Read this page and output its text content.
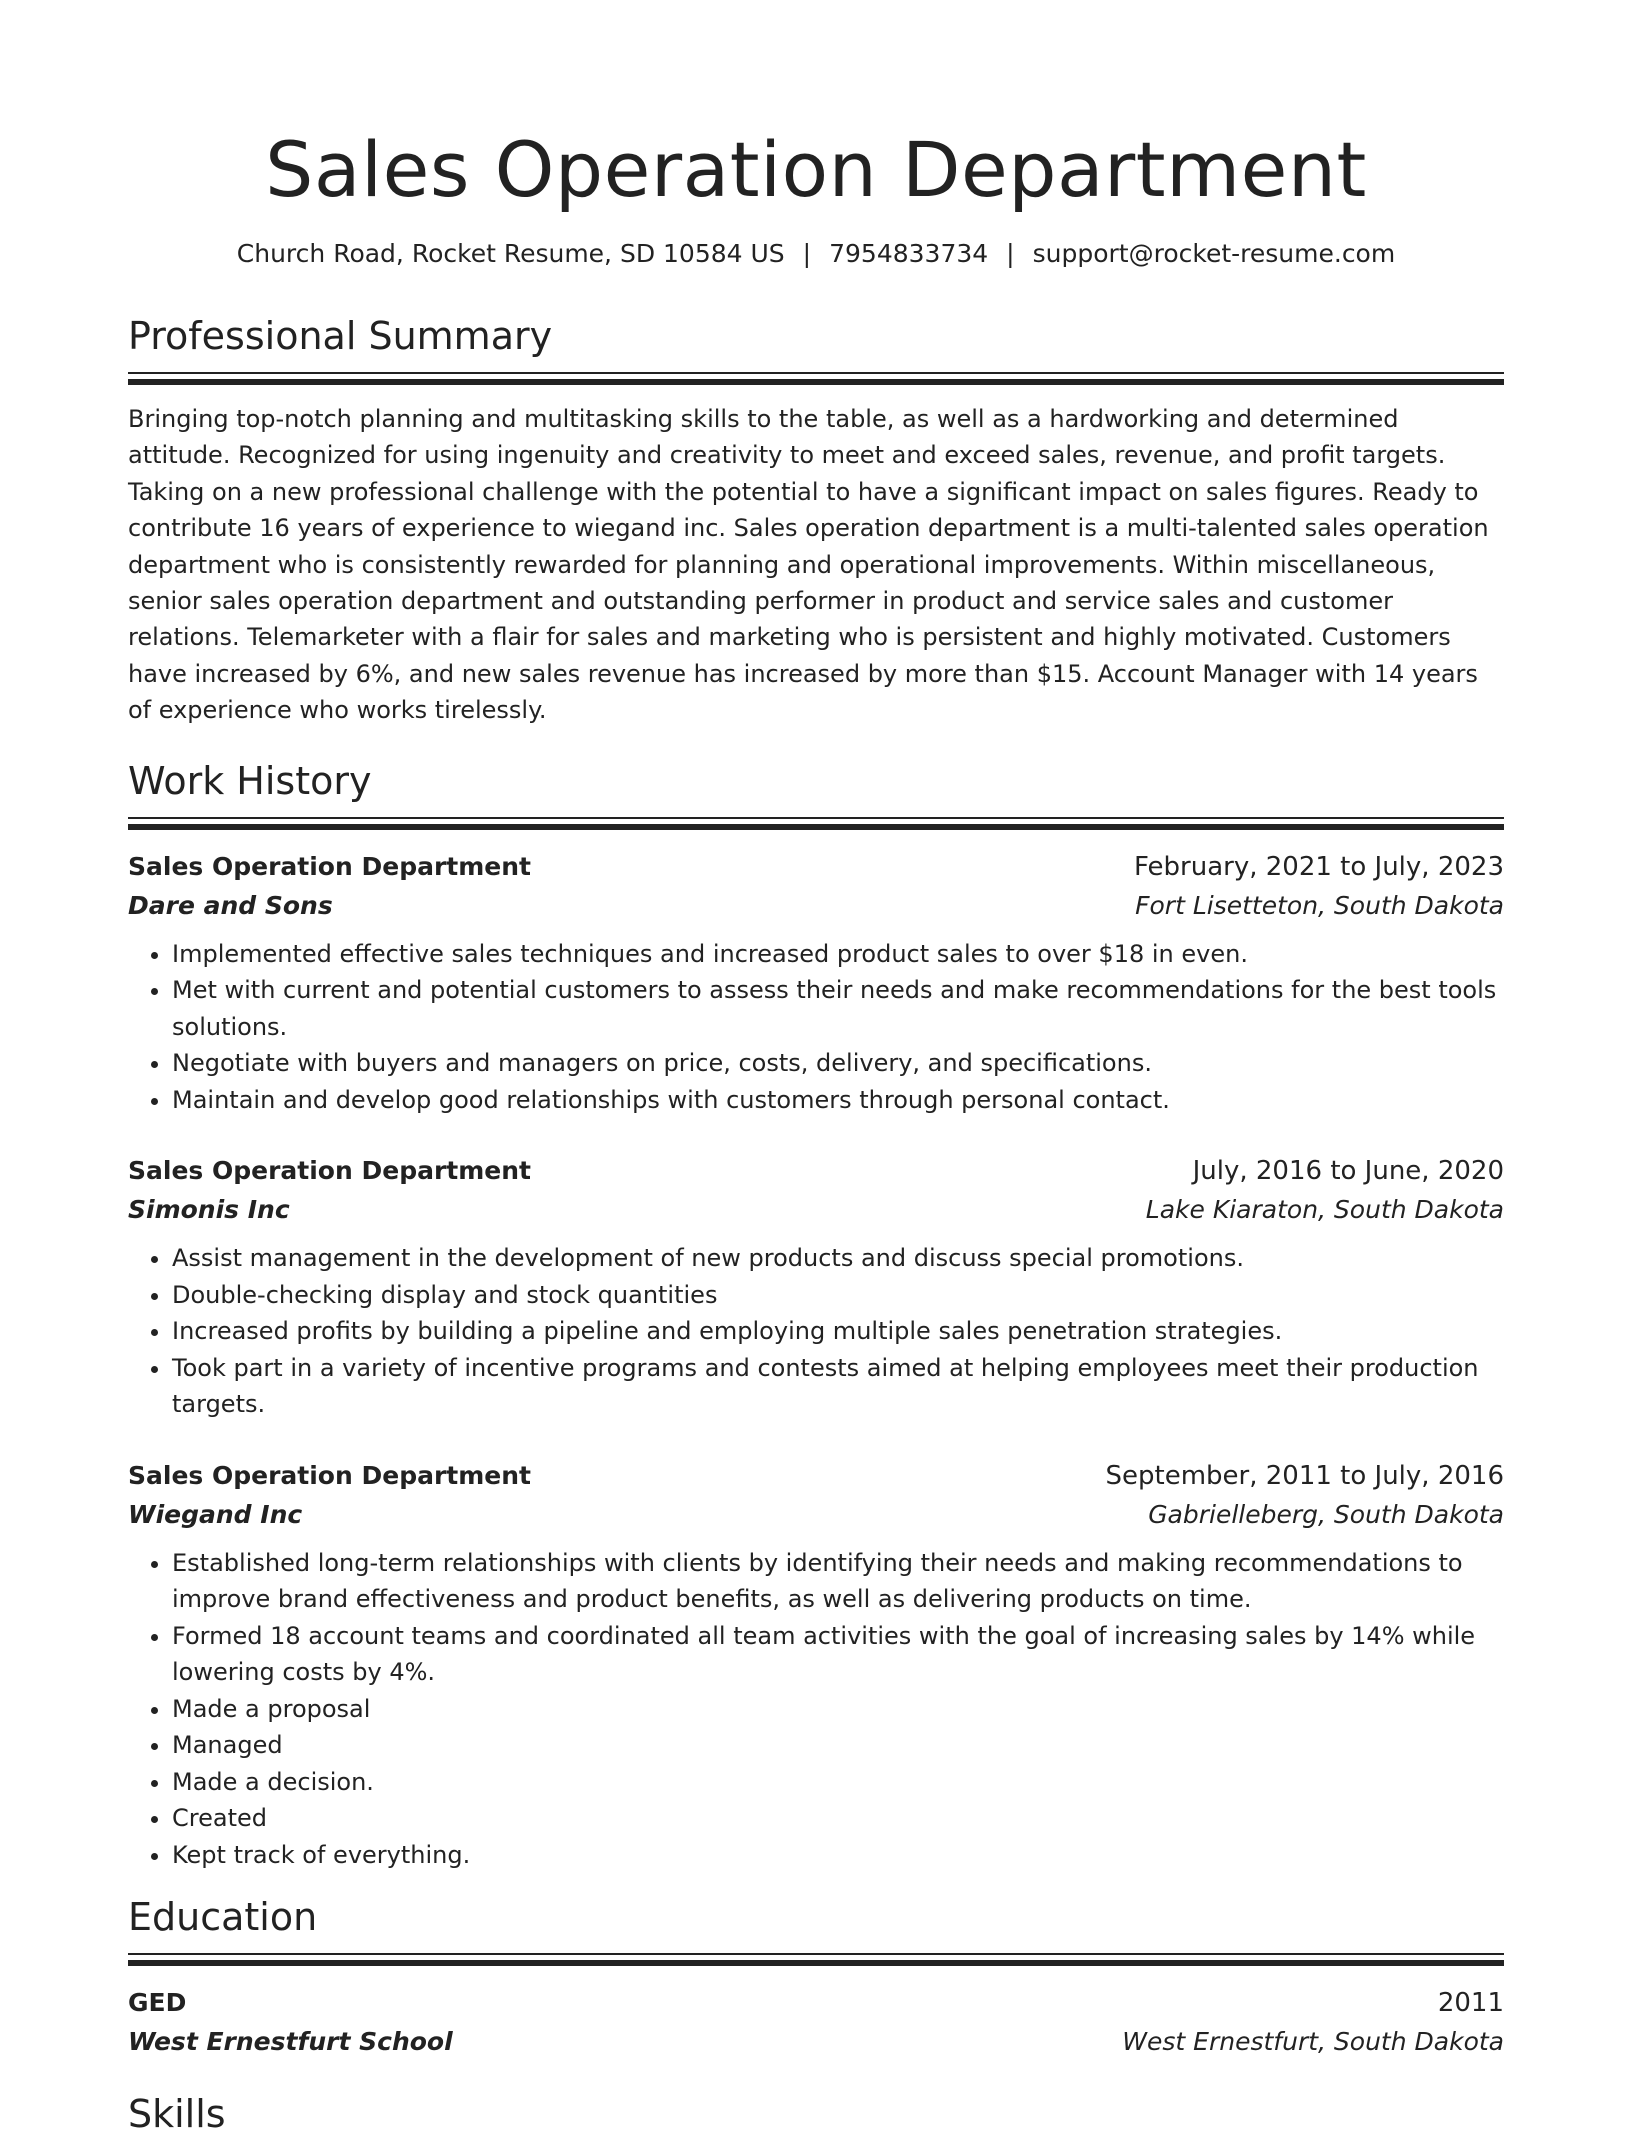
Sales Operation Department
Church Road, Rocket Resume, SD 10584 US | 7954833734 | support@rocket-resume.com
Professional Summary

Bringing top-notch planning and multitasking skills to the table, as well as a hardworking and determined attitude. Recognized for using ingenuity and creativity to meet and exceed sales, revenue, and profit targets. Taking on a new professional challenge with the potential to have a significant impact on sales figures. Ready to contribute 16 years of experience to wiegand inc. Sales operation department is a multi-talented sales operation department who is consistently rewarded for planning and operational improvements. Within miscellaneous, senior sales operation department and outstanding performer in product and service sales and customer relations. Telemarketer with a flair for sales and marketing who is persistent and highly motivated. Customers have increased by 6%, and new sales revenue has increased by more than $15. Account Manager with 14 years of experience who works tirelessly.

Work History
Sales Operation Department	February, 2021 to July, 2023
Dare and Sons	Fort Lisetteton, South Dakota
• Implemented effective sales techniques and increased product sales to over $18 in even.
• Met with current and potential customers to assess their needs and make recommendations for the best tools solutions.
• Negotiate with buyers and managers on price, costs, delivery, and specifications.
• Maintain and develop good relationships with customers through personal contact.
Sales Operation Department	July, 2016 to June, 2020
Simonis Inc	Lake Kiaraton, South Dakota
• Assist management in the development of new products and discuss special promotions.
• Double-checking display and stock quantities
• Increased profits by building a pipeline and employing multiple sales penetration strategies.
• Took part in a variety of incentive programs and contests aimed at helping employees meet their production targets.
Sales Operation Department	September, 2011 to July, 2016
Wiegand Inc	Gabrielleberg, South Dakota
• Established long-term relationships with clients by identifying their needs and making recommendations to improve brand effectiveness and product benefits, as well as delivering products on time.
• Formed 18 account teams and coordinated all team activities with the goal of increasing sales by 14% while lowering costs by 4%.
• Made a proposal
• Managed
• Made a decision.
• Created
• Kept track of everything.
Education
GED	2011
West Ernestfurt School	West Ernestfurt, South Dakota
Skills
